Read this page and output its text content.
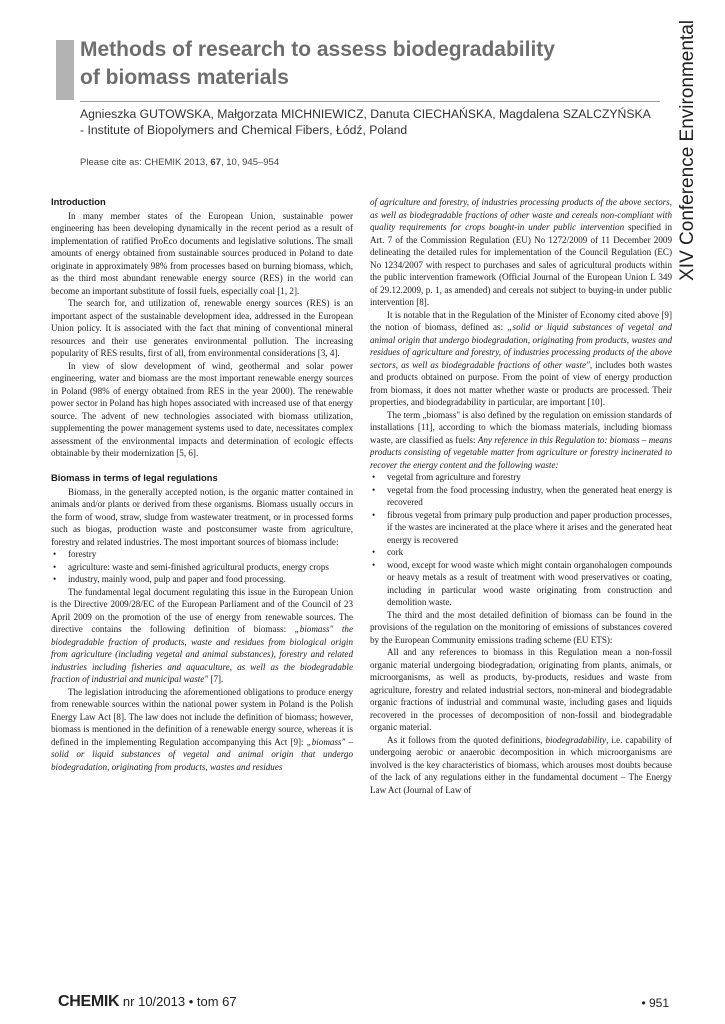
Methods of research to assess biodegradability
of biomass materials
Agnieszka GUTOWSKA, Małgorzata MICHNIEWICZ, Danuta CIECHAŃSKA, Magdalena SZALCZYŃSKA
- Institute of Biopolymers and Chemical Fibers, Łódź, Poland
Please cite as: CHEMIK 2013, 67, 10, 945–954	XIV Conference Environmental
Introduction

In many member states of the European Union, sustainable power engineering has been developing dynamically in the recent period as a result of implementation of ratified ProEco documents and legislative solutions. The small amounts of energy obtained from sustainable sources produced in Poland to date originate in approximately 98% from processes based on burning biomass, which, as the third most abundant renewable energy source (RES) in the world can become an important substitute of fossil fuels, especially coal [1, 2].

The search for, and utilization of, renewable energy sources (RES) is an important aspect of the sustainable development idea, addressed in the European Union policy. It is associated with the fact that mining of conventional mineral resources and their use generates environmental pollution. The increasing popularity of RES results, first of all, from environmental considerations [3, 4].

In view of slow development of wind, geothermal and solar power engineering, water and biomass are the most important renewable energy sources in Poland (98% of energy obtained from RES in the year 2000). The renewable power sector in Poland has high hopes associated with increased use of that energy source. The advent of new technologies associated with biomass utilization, supplementing the power management systems used to date, necessitates complex assessment of the environmental impacts and determination of ecologic effects obtainable by their modernization [5, 6].

Biomass in terms of legal regulations

Biomass, in the generally accepted notion, is the organic matter contained in animals and/or plants or derived from these organisms. Biomass usually occurs in the form of wood, straw, sludge from wastewater treatment, or in processed forms such as biogas, production waste and postconsumer waste from agriculture, forestry and related industries. The most important sources of biomass include:

• forestry
• agriculture: waste and semi-finished agricultural products, energy crops
• industry, mainly wood, pulp and paper and food processing.

The fundamental legal document regulating this issue in the European Union is the Directive 2009/28/EC of the European Parliament and of the Council of 23 April 2009 on the promotion of the use of energy from renewable sources. The directive contains the following definition of biomass: „biomass" the biodegradable fraction of products, waste and residues from biological origin from agriculture (including vegetal and animal substances), forestry and related industries including fisheries and aquaculture, as well as the biodegradable fraction of industrial and municipal waste" [7].

The legislation introducing the aforementioned obligations to produce energy from renewable sources within the national power system in Poland is the Polish Energy Law Act [8]. The law does not include the definition of biomass; however, biomass is mentioned in the definition of a renewable energy source, whereas it is defined in the implementing Regulation accompanying this Act [9]: „biomass" – solid or liquid substances of vegetal and animal origin that undergo biodegradation, originating from products, wastes and residues

of agriculture and forestry, of industries processing products of the above sectors, as well as biodegradable fractions of other waste and cereals non-compliant with quality requirements for crops bought-in under public intervention specified in Art. 7 of the Commission Regulation (EU) No 1272/2009 of 11 December 2009 delineating the detailed rules for implementation of the Council Regulation (EC) No 1234/2007 with respect to purchases and sales of agricultural products within the public intervention framework (Official Journal of the European Union L 349 of 29.12.2009, p. 1, as amended) and cereals not subject to buying-in under public intervention [8].

It is notable that in the Regulation of the Minister of Economy cited above [9] the notion of biomass, defined as: „solid or liquid substances of vegetal and animal origin that undergo biodegradation, originating from products, wastes and residues of agriculture and forestry, of industries processing products of the above sectors, as well as biodegradable fractions of other waste", includes both wastes and products obtained on purpose. From the point of view of energy production from biomass, it does not matter whether waste or products are processed. Their properties, and biodegradability in particular, are important [10].

The term „biomass" is also defined by the regulation on emission standards of installations [11], according to which the biomass materials, including biomass waste, are classified as fuels: Any reference in this Regulation to: biomass – means products consisting of vegetable matter from agriculture or forestry incinerated to recover the energy content and the following waste:

• vegetal from agriculture and forestry
• vegetal from the food processing industry, when the generated heat energy is recovered
• fibrous vegetal from primary pulp production and paper production processes, if the wastes are incinerated at the place where it arises and the generated heat energy is recovered
• cork
• wood, except for wood waste which might contain organohalogen compounds or heavy metals as a result of treatment with wood preservatives or coating, including in particular wood waste originating from construction and demolition waste.

The third and the most detailed definition of biomass can be found in the provisions of the regulation on the monitoring of emissions of substances covered by the European Community emissions trading scheme (EU ETS):

All and any references to biomass in this Regulation mean a non-fossil organic material undergoing biodegradation, originating from plants, animals, or microorganisms, as well as products, by-products, residues and waste from agriculture, forestry and related industrial sectors, non-mineral and biodegradable organic fractions of industrial and communal waste, including gases and liquids recovered in the processes of decomposition of non-fossil and biodegradable organic material.

As it follows from the quoted definitions, biodegradability, i.e. capability of undergoing aerobic or anaerobic decomposition in which microorganisms are involved is the key characteristics of biomass, which arouses most doubts because of the lack of any regulations either in the fundamental document – The Energy Law Act (Journal of Law of

CHEMIK nr 10/2013 • tom 67	• 951
